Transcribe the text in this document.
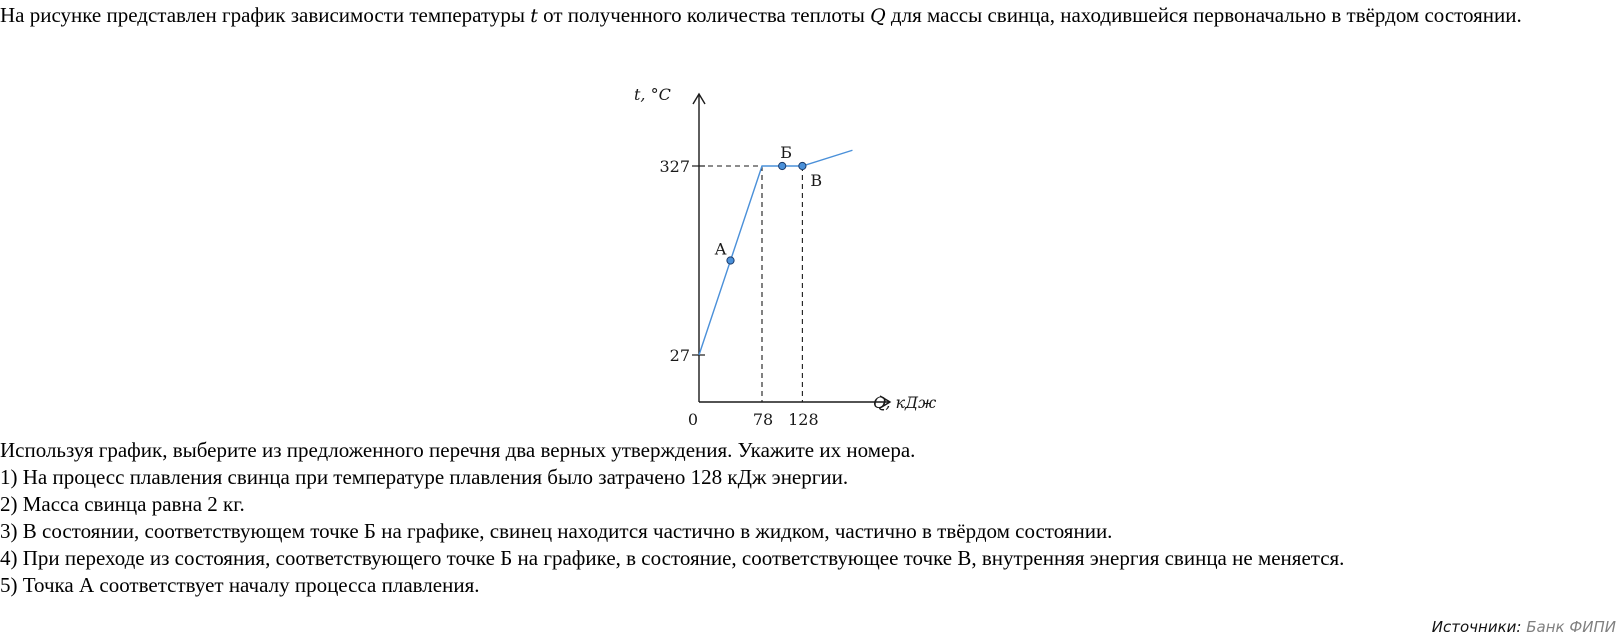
На рисунке представлен график зависимости температуры t от полученного количества теплоты Q для массы свинца, находившейся первоначально в твёрдом состоянии.
27
327
0	78 128
t, °C
Q, кДж
А
Б
В
Используя график, выберите из предложенного перечня два верных утверждения. Укажите их номера.
1) На процесс плавления свинца при температуре плавления было затрачено 128 кДж энергии.
2) Масса свинца равна 2 кг.
3) В состоянии, соответствующем точке Б на графике, свинец находится частично в жидком, частично в твёрдом состоянии.
4) При переходе из состояния, соответствующего точке Б на графике, в состояние, соответствующее точке В, внутренняя энергия свинца не меняется.
5) Точка А соответствует началу процесса плавления.
Источники: Банк ФИПИ
